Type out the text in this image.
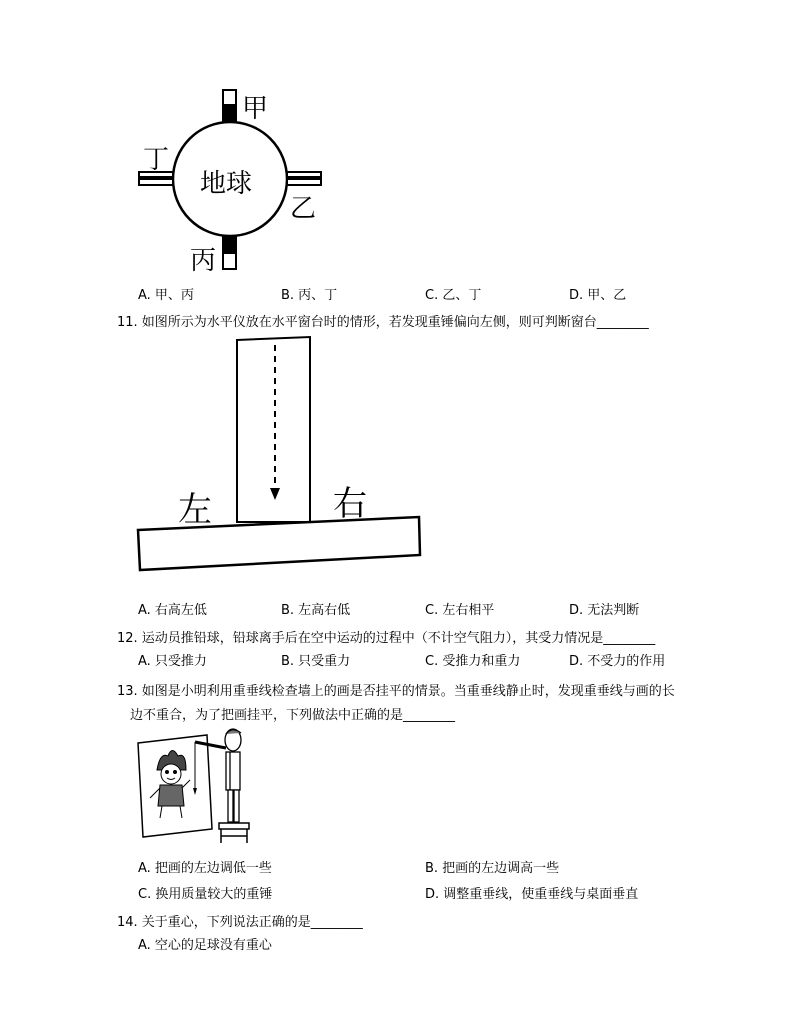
地球
甲
乙
丙
丁
A. 甲、丙	B. 丙、丁	C. 乙、丁	D. 甲、乙
11. 如图所示为水平仪放在水平窗台时的情形，若发现重锤偏向左侧，则可判断窗台________
左	右
A. 右高左低	B. 左高右低	C. 左右相平	D. 无法判断
12. 运动员推铅球，铅球离手后在空中运动的过程中（不计空气阻力），其受力情况是________
A. 只受推力	B. 只受重力	C. 受推力和重力	D. 不受力的作用
13. 如图是小明利用重垂线检查墙上的画是否挂平的情景。当重垂线静止时，发现重垂线与画的长
边不重合，为了把画挂平，下列做法中正确的是________
A. 把画的左边调低一些	B. 把画的左边调高一些
C. 换用质量较大的重锤	D. 调整重垂线，使重垂线与桌面垂直
14. 关于重心，下列说法正确的是________
A. 空心的足球没有重心
